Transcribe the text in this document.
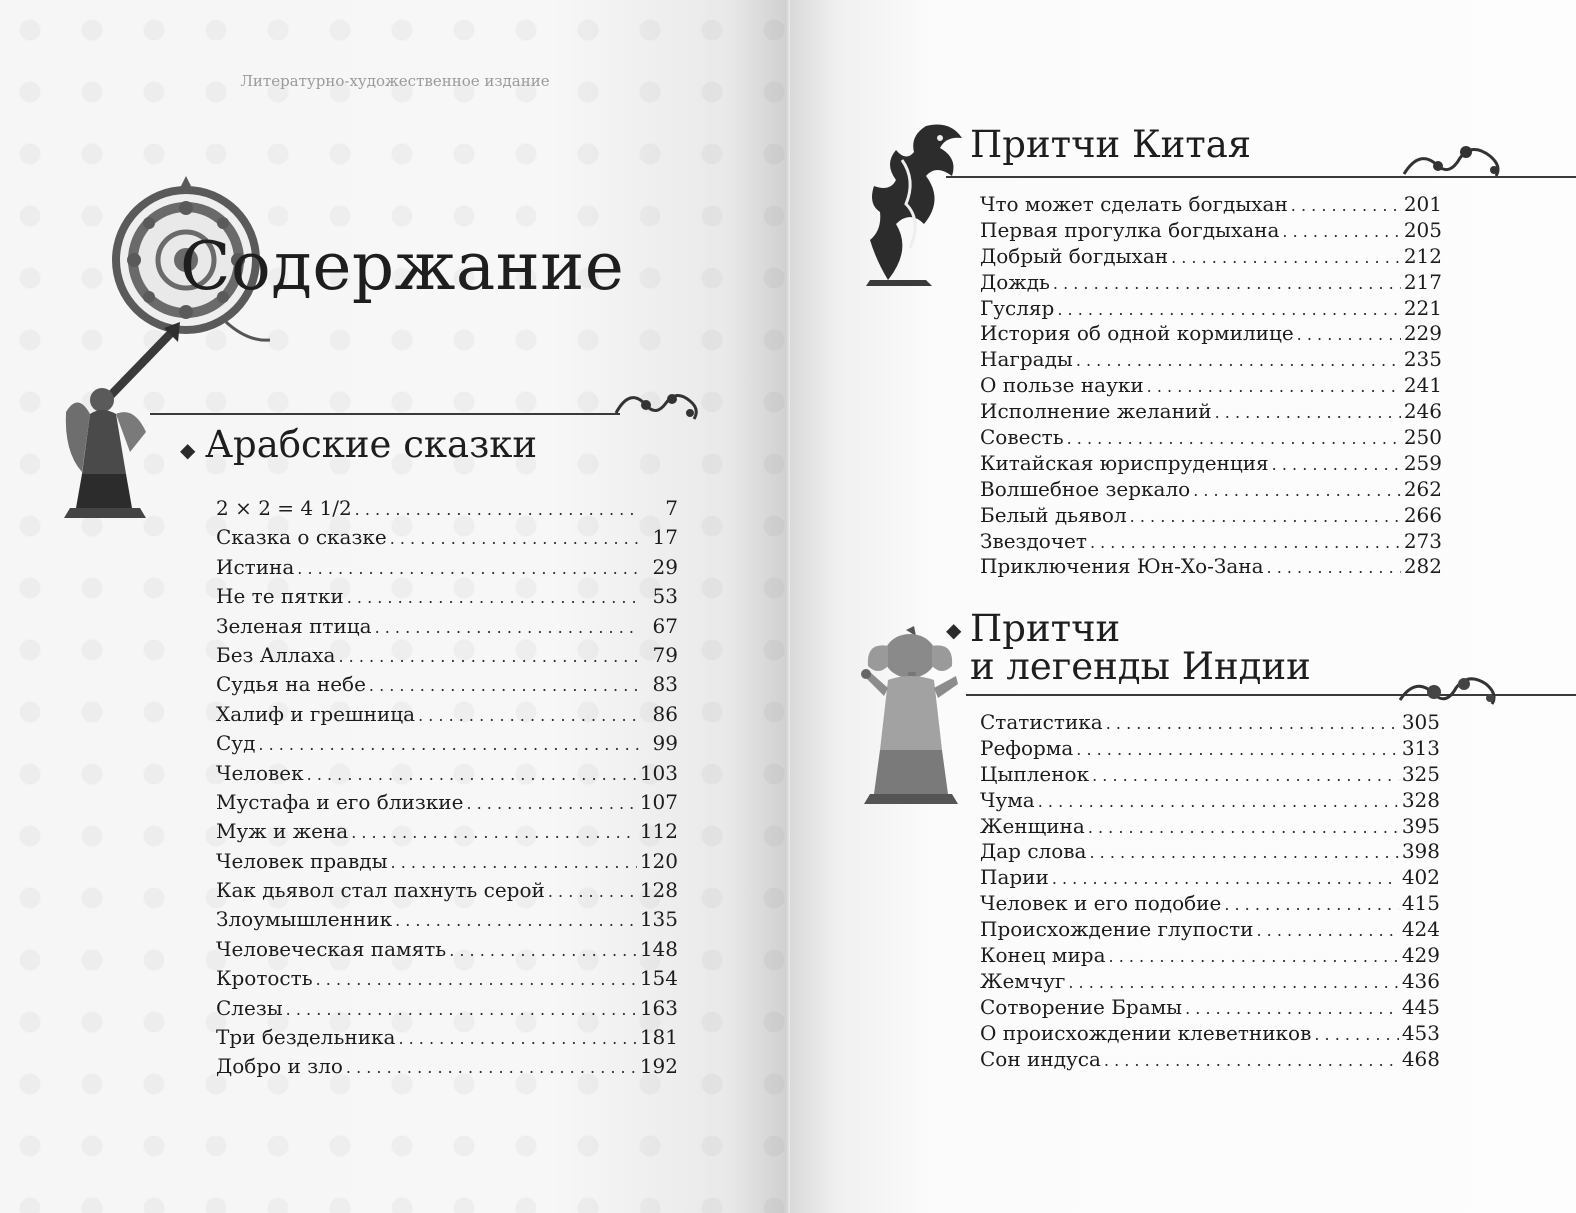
Литературно-художественное издание
Содержание
◆ Арабские сказки
2 × 2 = 4 1/2 . . .	7
Сказка о сказке . . .	17
Истина . . .	29
Не те пятки . . .	53
Зеленая птица . . .	67
Без Аллаха . . .	79
Судья на небе . . .	83
Халиф и грешница . . .	86
Суд . . .	99
Человек . . .	103
Мустафа и его близкие . . .	107
Муж и жена . . .	112
Человек правды . . .	120
Как дьявол стал пахнуть серой . . .	128
Злоумышленник . . .	135
Человеческая память . . .	148
Кротость . . .	154
Слезы . . .	163
Три бездельника . . .	181
Добро и зло . . .	192
Притчи Китая
Что может сделать богдыхан . . .	201
Первая прогулка богдыхана . . .	205
Добрый богдыхан . . .	212
Дождь . . .	217
Гусляр . . .	221
История об одной кормилице . . .	229
Награды . . .	235
О пользе науки . . .	241
Исполнение желаний . . .	246
Совесть . . .	250
Китайская юриспруденция . . .	259
Волшебное зеркало . . .	262
Белый дьявол . . .	266
Звездочет . . .	273
Приключения Юн-Хо-Зана . . .	282
◆ Притчи
и легенды Индии
Статистика . . .	305
Реформа . . .	313
Цыпленок . . .	325
Чума . . .	328
Женщина . . .	395
Дар слова . . .	398
Парии . . .	402
Человек и его подобие . . .	415
Происхождение глупости . . .	424
Конец мира . . .	429
Жемчуг . . .	436
Сотворение Брамы . . .	445
О происхождении клеветников . . .	453
Сон индуса . . .	468
